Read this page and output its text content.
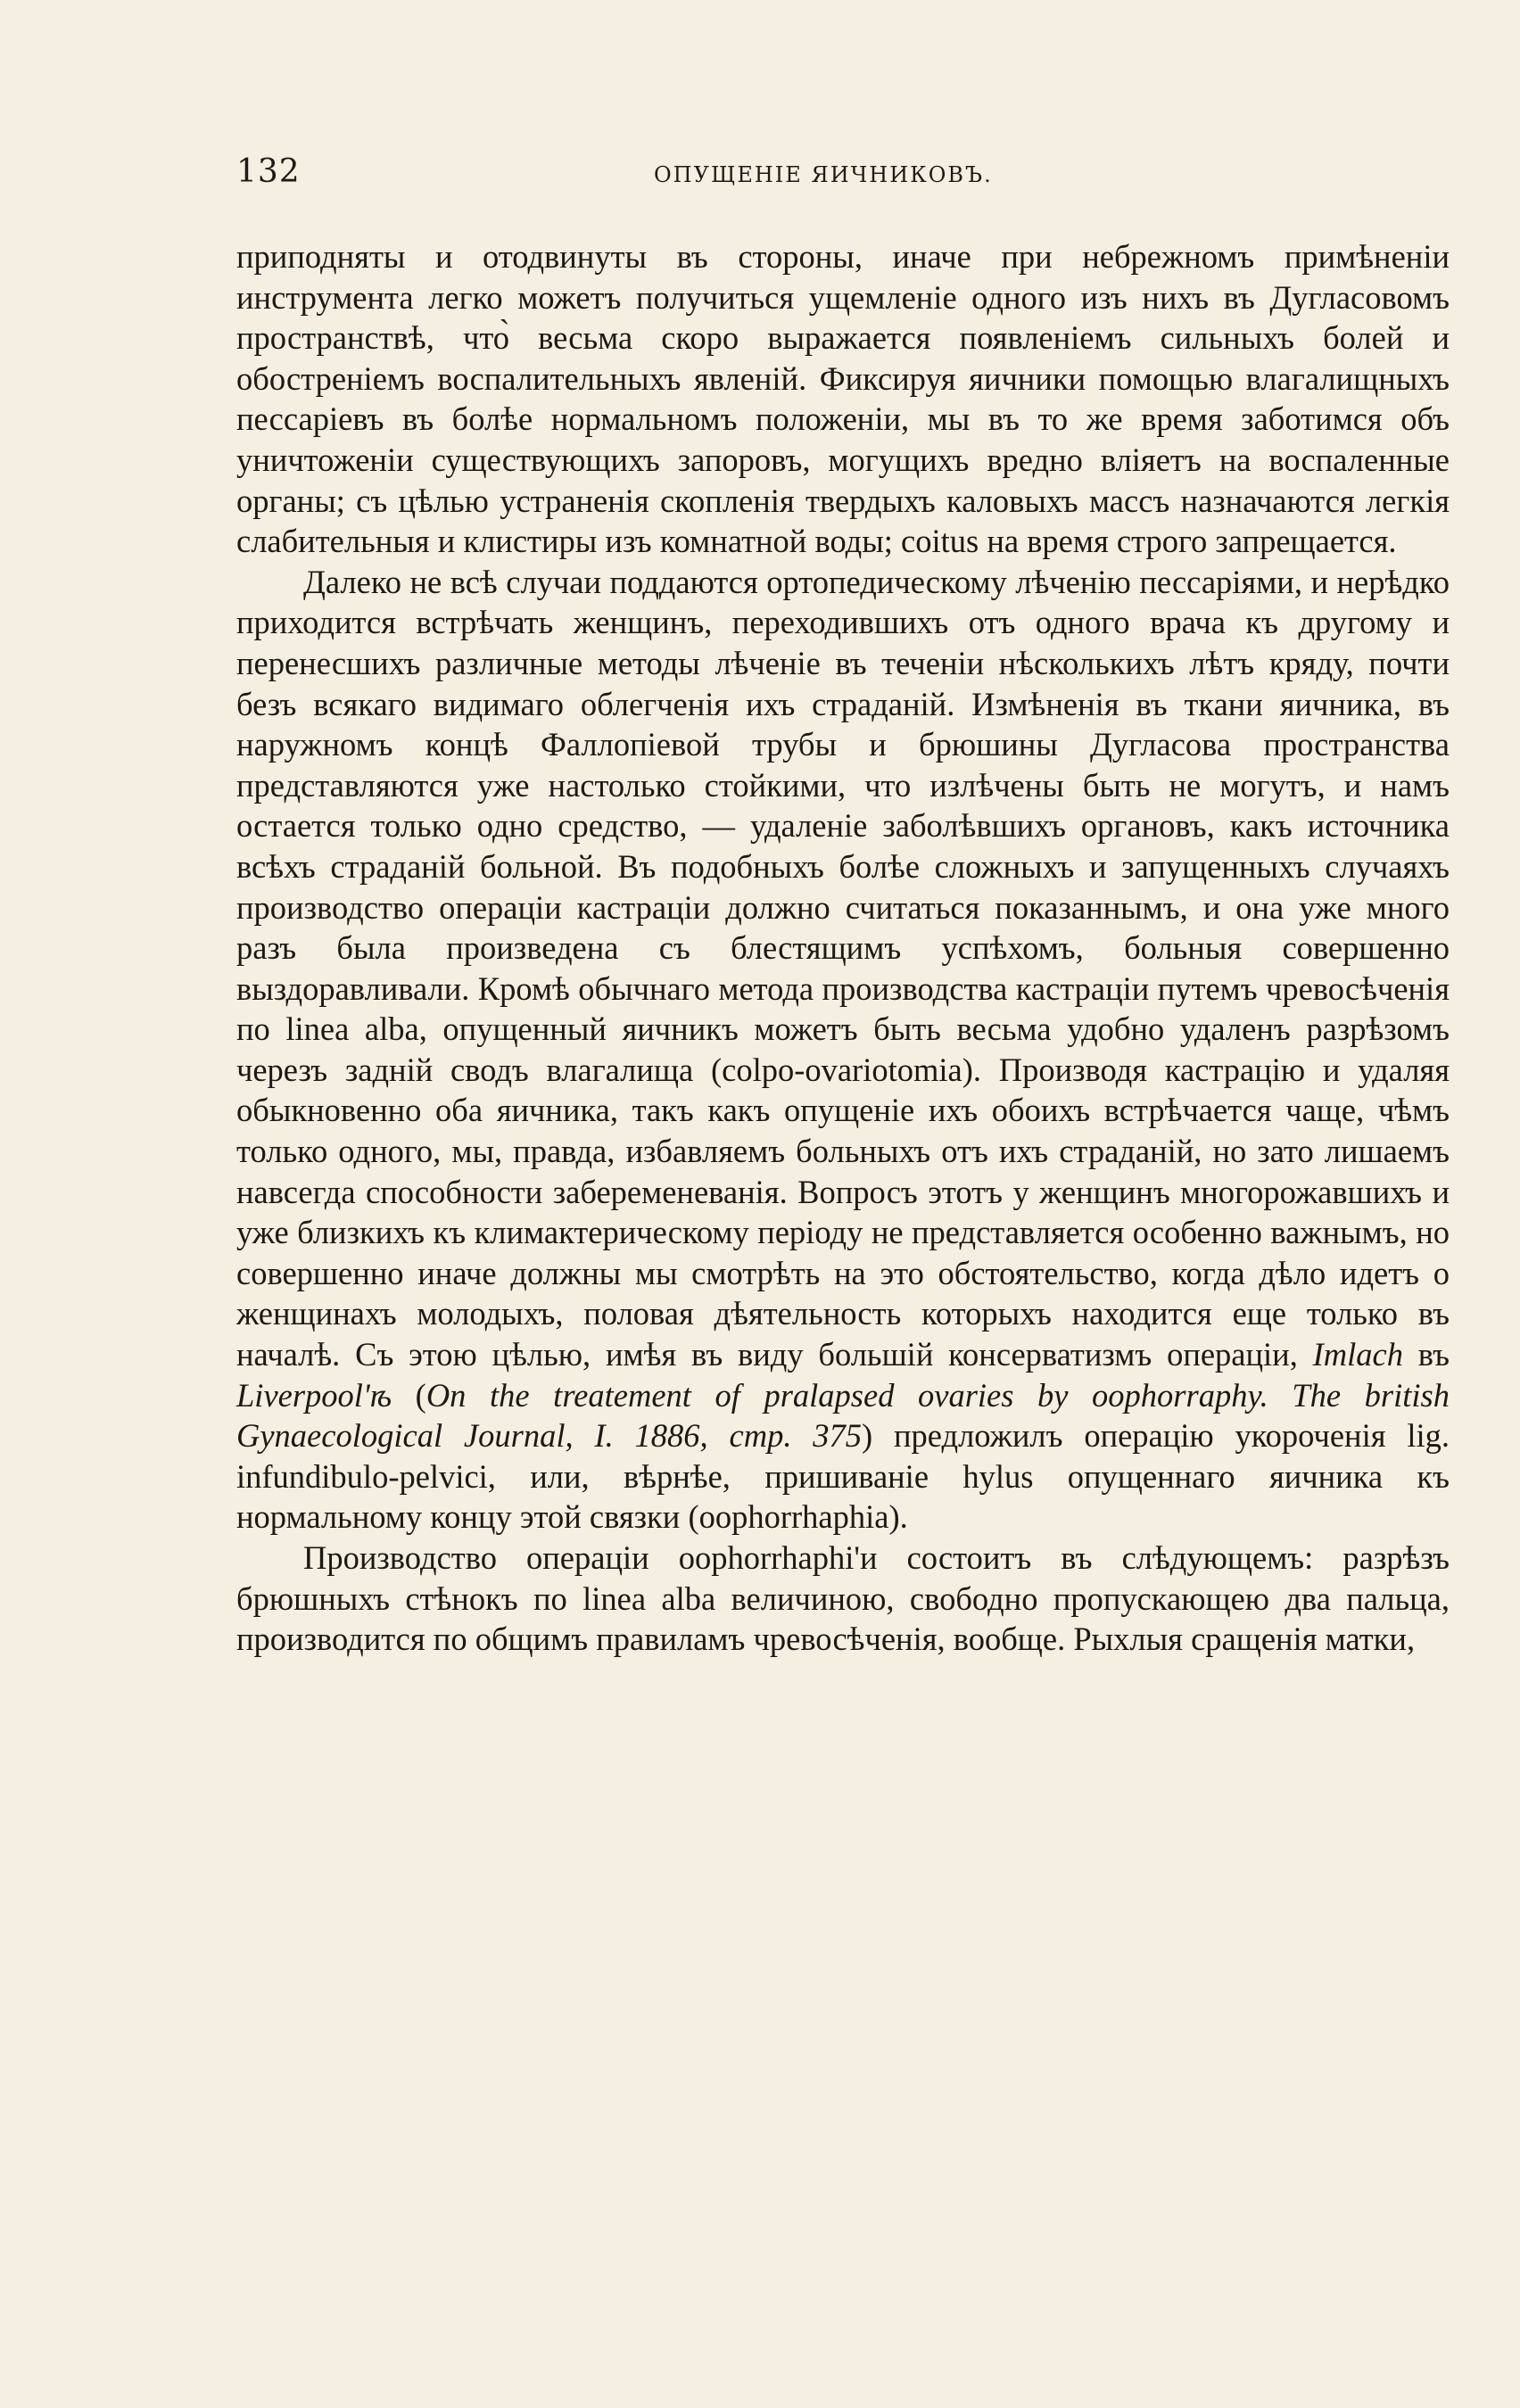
132	ОПУЩЕНІЕ ЯИЧНИКОВЪ.

приподняты и отодвинуты въ стороны, иначе при небрежномъ примѣненіи инструмента легко можетъ получиться ущемленіе одного изъ нихъ въ Дугласовомъ пространствѣ, что̀ весьма скоро выражается появленіемъ сильныхъ болей и обостреніемъ воспалительныхъ явленій. Фиксируя яичники помощью влагалищныхъ пессаріевъ въ болѣе нормальномъ положеніи, мы въ то же время заботимся объ уничтоженіи существующихъ запоровъ, могущихъ вредно вліяетъ на воспаленные органы; съ цѣлью устраненія скопленія твердыхъ каловыхъ массъ назначаются легкія слабительныя и клистиры изъ комнатной воды; coitus на время строго запрещается.

Далеко не всѣ случаи поддаются ортопедическому лѣченію пессаріями, и нерѣдко приходится встрѣчать женщинъ, переходившихъ отъ одного врача къ другому и перенесшихъ различные методы лѣченіе въ теченіи нѣсколькихъ лѣтъ кряду, почти безъ всякаго видимаго облегченія ихъ страданій. Измѣненія въ ткани яичника, въ наружномъ концѣ Фаллопіевой трубы и брюшины Дугласова пространства представляются уже настолько стойкими, что излѣчены быть не могутъ, и намъ остается только одно средство, — удаленіе заболѣвшихъ органовъ, какъ источника всѣхъ страданій больной. Въ подобныхъ болѣе сложныхъ и запущенныхъ случаяхъ производство операціи кастраціи должно считаться показаннымъ, и она уже много разъ была произведена съ блестящимъ успѣхомъ, больныя совершенно выздоравливали. Кромѣ обычнаго метода производства кастраціи путемъ чревосѣченія по linea alba, опущенный яичникъ можетъ быть весьма удобно удаленъ разрѣзомъ черезъ заднiй сводъ влагалища (colpo-ovariotomia). Производя кастрацію и удаляя обыкновенно оба яичника, такъ какъ опущеніе ихъ обоихъ встрѣчается чаще, чѣмъ только одного, мы, правда, избавляемъ больныхъ отъ ихъ страданій, но зато лишаемъ навсегда способности забеременеванія. Вопросъ этотъ у женщинъ многорожавшихъ и уже близкихъ къ климактерическому періоду не представляется особенно важнымъ, но совершенно иначе должны мы смотрѣть на это обстоятельство, когда дѣло идетъ о женщинахъ молодыхъ, половая дѣятельность которыхъ находится еще только въ началѣ. Съ этою цѣлью, имѣя въ виду большiй консерватизмъ операціи, Imlach въ Liverpool'ѣ (On the treatement of pralapsed ovaries by oophorraphy. The british Gynaecological Journal, I. 1886, стр. 375) предложилъ операцію укороченія lig. infundibulo-pelvici, или, вѣрнѣе, пришиваніе hylus опущеннаго яичника къ нормальному концу этой связки (oophorrhaphia).

Производство операціи oophorrhaphi'и состоитъ въ слѣдующемъ: разрѣзъ брюшныхъ стѣнокъ по linea alba величиною, свободно пропускающею два пальца, производится по общимъ правиламъ чревосѣченія, вообще. Рыхлыя сращенія матки,
